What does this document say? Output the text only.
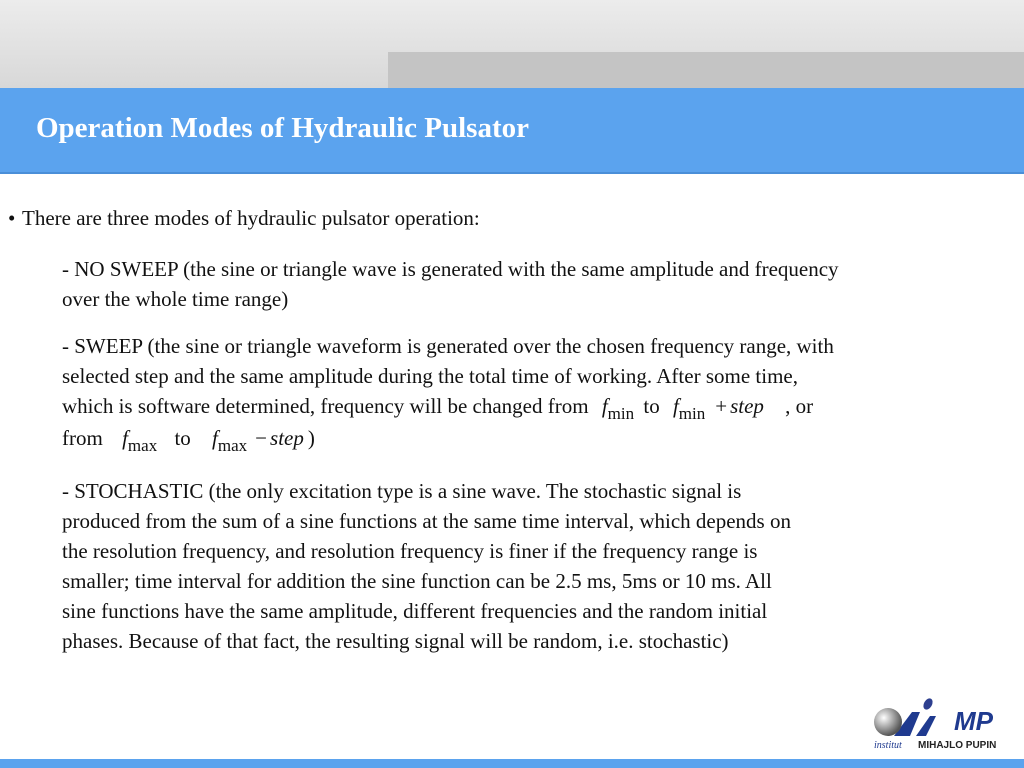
Operation Modes of Hydraulic Pulsator
• There are three modes of hydraulic pulsator operation:

- NO SWEEP (the sine or triangle wave is generated with the same amplitude and frequency
over the whole time range)

- SWEEP (the sine or triangle waveform is generated over the chosen frequency range, with
selected step and the same amplitude during the total time of working. After some time,
which is software determined, frequency will be changed from $f_{min}$ to $f_{min}$ + step , or
from $f_{max}$ to $f_{max}$ − step )

- STOCHASTIC (the only excitation type is a sine wave. The stochastic signal is
produced from the sum of a sine functions at the same time interval, which depends on
the resolution frequency, and resolution frequency is finer if the frequency range is
smaller; time interval for addition the sine function can be 2.5 ms, 5ms or 10 ms. All
sine functions have the same amplitude, different frequencies and the random initial
phases. Because of that fact, the resulting signal will be random, i.e. stochastic)

MP
institut MIHAJLO PUPIN
